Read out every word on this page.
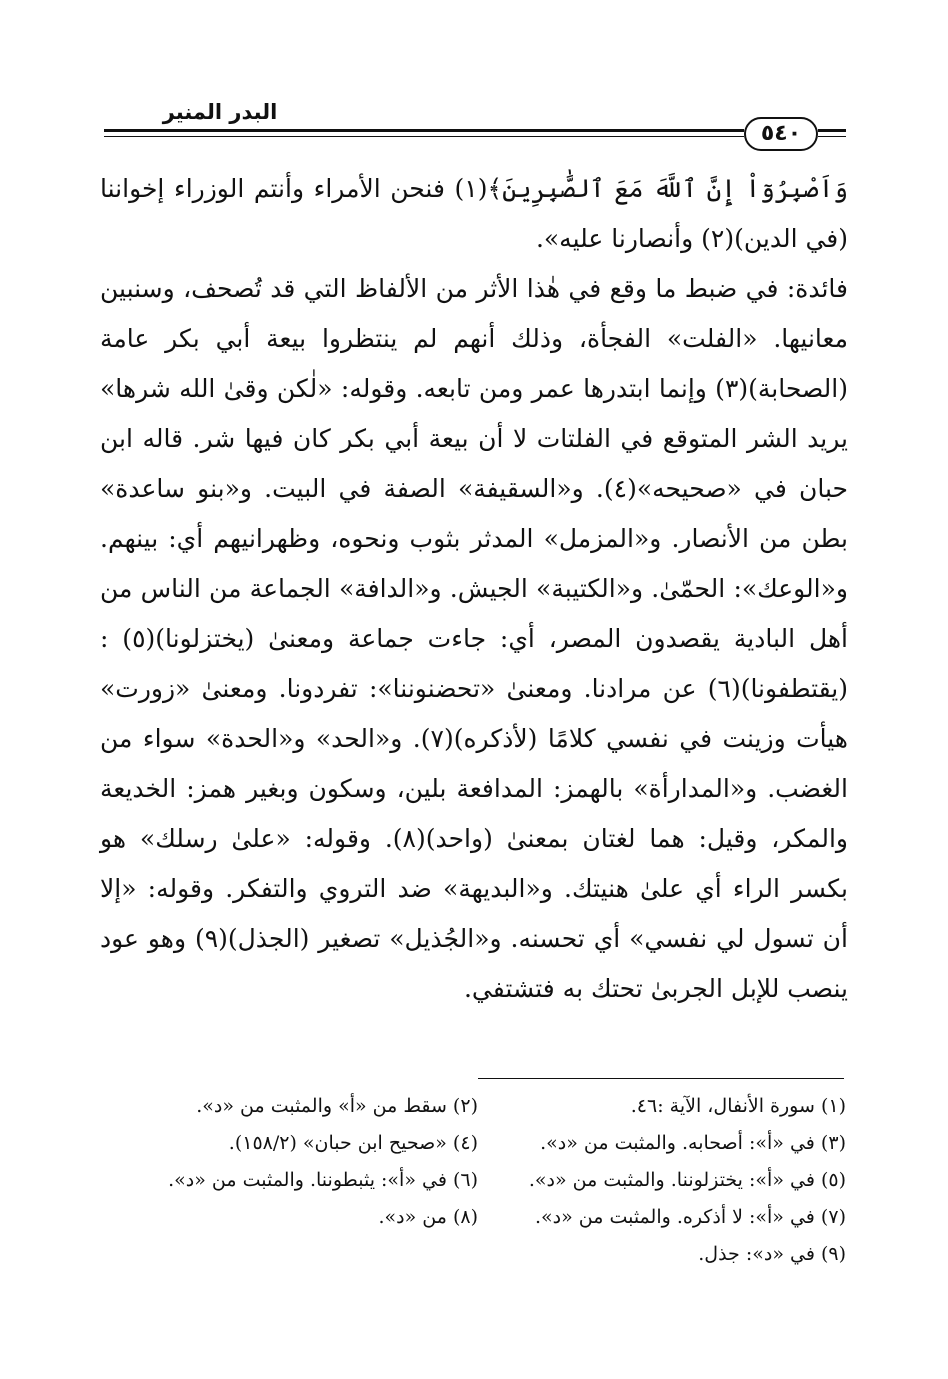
البدر المنير
٥٤٠

وَاَصْبِرُوٓاْ إِنَّ ٱللَّهَ مَعَ ٱلصَّٰبِرِينَ﴾(١) فنحن الأمراء وأنتم الوزراء إخواننا (في الدين)(٢) وأنصارنا عليه».

فائدة: في ضبط ما وقع في هٰذا الأثر من الألفاظ التي قد تُصحف، وسنبين معانيها. «الفلت» الفجأة، وذلك أنهم لم ينتظروا بيعة أبي بكر عامة (الصحابة)(٣) وإنما ابتدرها عمر ومن تابعه. وقوله: «لٰكن وقىٰ الله شرها» يريد الشر المتوقع في الفلتات لا أن بيعة أبي بكر كان فيها شر. قاله ابن حبان في «صحيحه»(٤). و«السقيفة» الصفة في البيت. و«بنو ساعدة» بطن من الأنصار. و«المزمل» المدثر بثوب ونحوه، وظهرانيهم أي: بينهم. و«الوعك»: الحمّىٰ. و«الكتيبة» الجيش. و«الدافة» الجماعة من الناس من أهل البادية يقصدون المصر، أي: جاءت جماعة ومعنىٰ (يختزلونا)(٥) : (يقتطفونا)(٦) عن مرادنا. ومعنىٰ «تحضنوننا»: تفردونا. ومعنىٰ «زورت» هيأت وزينت في نفسي كلامًا (لأذكره)(٧). و«الحد» و«الحدة» سواء من الغضب. و«المدارأة» بالهمز: المدافعة بلين، وسكون وبغير همز: الخديعة والمكر، وقيل: هما لغتان بمعنىٰ (واحد)(٨). وقوله: «علىٰ رسلك» هو بكسر الراء أي علىٰ هنيتك. و«البديهة» ضد التروي والتفكر. وقوله: «إلا أن تسول لي نفسي» أي تحسنه. و«الجُذيل» تصغير (الجذل)(٩) وهو عود ينصب للإبل الجربىٰ تحتك به فتشتفي.

(١) سورة الأنفال، الآية :٤٦.
(٢) سقط من «أ» والمثبت من «د».
(٣) في «أ»: أصحابه. والمثبت من «د».
(٤) «صحيح ابن حبان» (١٥٨/٢).
(٥) في «أ»: يختزلوننا. والمثبت من «د».
(٦) في «أ»: يثبطوننا. والمثبت من «د».
(٧) في «أ»: لا أذكره. والمثبت من «د».
(٨) من «د».
(٩) في «د»: جذل.
